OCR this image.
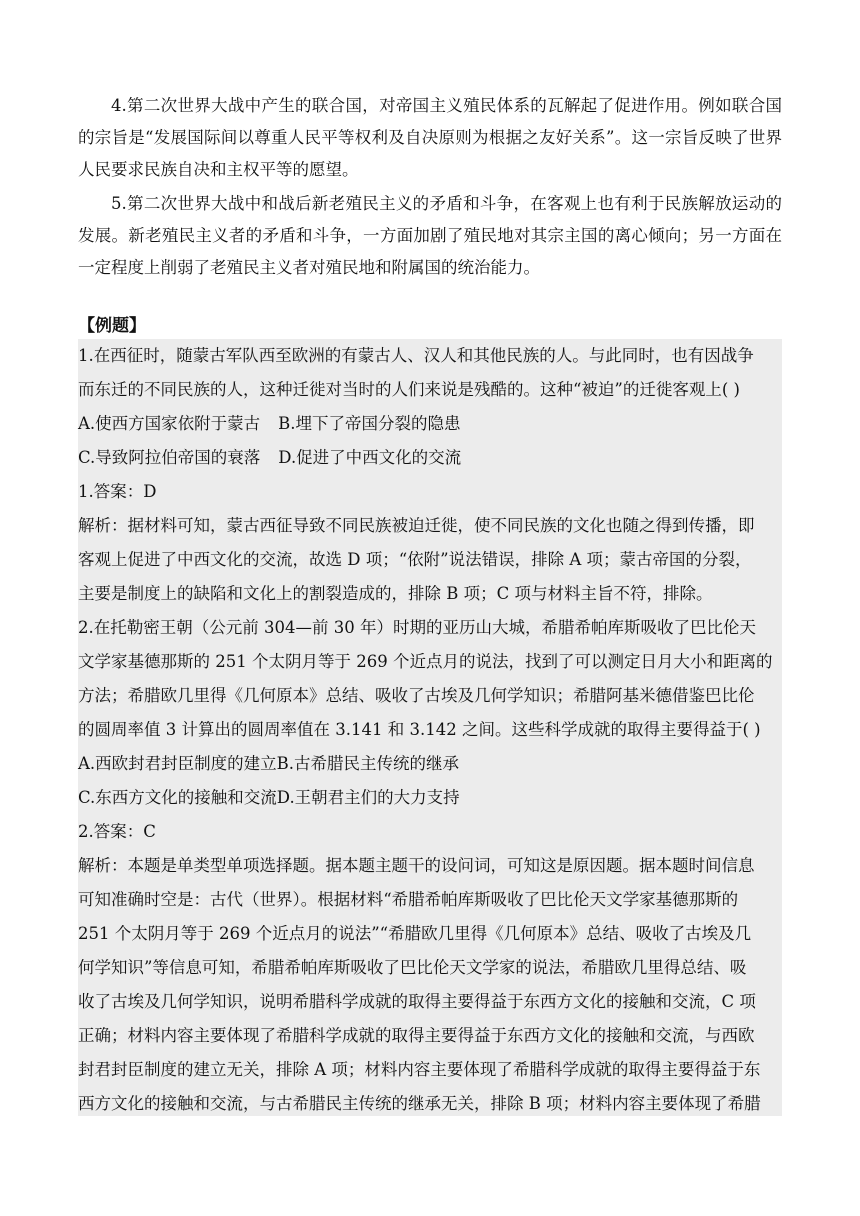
4.第二次世界大战中产生的联合国，对帝国主义殖民体系的瓦解起了促进作用。例如联合国的宗旨是“发展国际间以尊重人民平等权利及自决原则为根据之友好关系”。这一宗旨反映了世界人民要求民族自决和主权平等的愿望。

5.第二次世界大战中和战后新老殖民主义的矛盾和斗争，在客观上也有利于民族解放运动的发展。新老殖民主义者的矛盾和斗争，一方面加剧了殖民地对其宗主国的离心倾向；另一方面在一定程度上削弱了老殖民主义者对殖民地和附属国的统治能力。

【例题】
1.在西征时，随蒙古军队西至欧洲的有蒙古人、汉人和其他民族的人。与此同时，也有因战争
而东迁的不同民族的人，这种迁徙对当时的人们来说是残酷的。这种“被迫”的迁徙客观上( )
A.使西方国家依附于蒙古 B.埋下了帝国分裂的隐患
C.导致阿拉伯帝国的衰落 D.促进了中西文化的交流
1.答案：D
解析：据材料可知，蒙古西征导致不同民族被迫迁徙，使不同民族的文化也随之得到传播，即
客观上促进了中西文化的交流，故选 D 项；“依附”说法错误，排除 A 项；蒙古帝国的分裂，
主要是制度上的缺陷和文化上的割裂造成的，排除 B 项；C 项与材料主旨不符，排除。
2.在托勒密王朝（公元前 304—前 30 年）时期的亚历山大城，希腊希帕库斯吸收了巴比伦天
文学家基德那斯的 251 个太阴月等于 269 个近点月的说法，找到了可以测定日月大小和距离的
方法；希腊欧几里得《几何原本》总结、吸收了古埃及几何学知识；希腊阿基米德借鉴巴比伦
的圆周率值 3 计算出的圆周率值在 3.141 和 3.142 之间。这些科学成就的取得主要得益于( )
A.西欧封君封臣制度的建立B.古希腊民主传统的继承
C.东西方文化的接触和交流D.王朝君主们的大力支持
2.答案：C
解析：本题是单类型单项选择题。据本题主题干的设问词，可知这是原因题。据本题时间信息
可知准确时空是：古代（世界）。根据材料“希腊希帕库斯吸收了巴比伦天文学家基德那斯的
251 个太阴月等于 269 个近点月的说法”“希腊欧几里得《几何原本》总结、吸收了古埃及几
何学知识”等信息可知，希腊希帕库斯吸收了巴比伦天文学家的说法，希腊欧几里得总结、吸
收了古埃及几何学知识，说明希腊科学成就的取得主要得益于东西方文化的接触和交流，C 项
正确；材料内容主要体现了希腊科学成就的取得主要得益于东西方文化的接触和交流，与西欧
封君封臣制度的建立无关，排除 A 项；材料内容主要体现了希腊科学成就的取得主要得益于东
西方文化的接触和交流，与古希腊民主传统的继承无关，排除 B 项；材料内容主要体现了希腊
